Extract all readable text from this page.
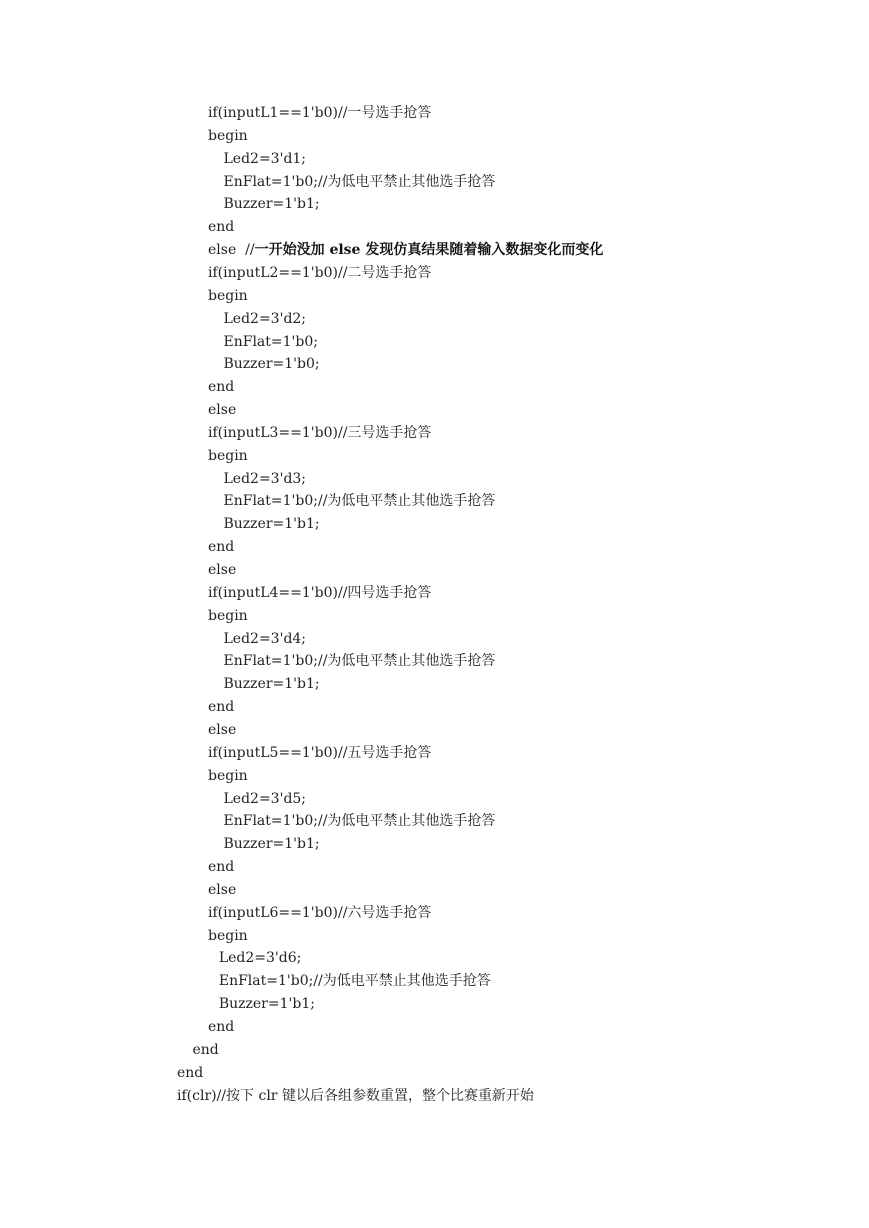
if(inputL1==1'b0)//一号选手抢答
begin
Led2=3'd1;
EnFlat=1'b0;//为低电平禁止其他选手抢答
Buzzer=1'b1;
end
else  //一开始没加 else 发现仿真结果随着输入数据变化而变化
if(inputL2==1'b0)//二号选手抢答
begin
Led2=3'd2;
EnFlat=1'b0;
Buzzer=1'b0;
end
else
if(inputL3==1'b0)//三号选手抢答
begin
Led2=3'd3;
EnFlat=1'b0;//为低电平禁止其他选手抢答
Buzzer=1'b1;
end
else
if(inputL4==1'b0)//四号选手抢答
begin
Led2=3'd4;
EnFlat=1'b0;//为低电平禁止其他选手抢答
Buzzer=1'b1;
end
else
if(inputL5==1'b0)//五号选手抢答
begin
Led2=3'd5;
EnFlat=1'b0;//为低电平禁止其他选手抢答
Buzzer=1'b1;
end
else
if(inputL6==1'b0)//六号选手抢答
begin
Led2=3'd6;
EnFlat=1'b0;//为低电平禁止其他选手抢答
Buzzer=1'b1;
end
end
end
if(clr)//按下 clr 键以后各组参数重置，整个比赛重新开始
